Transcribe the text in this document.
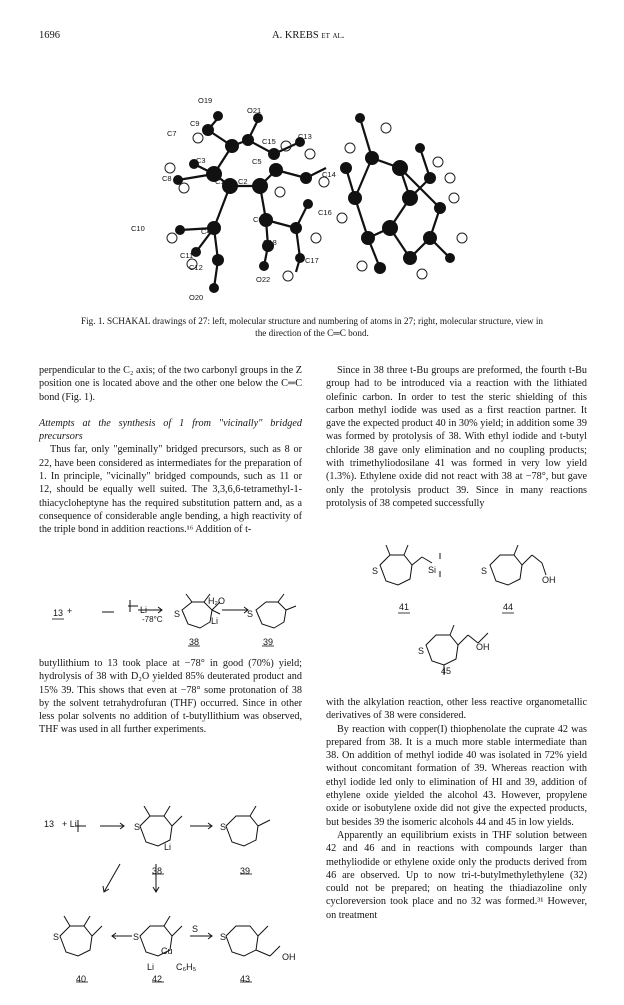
1696	A. KREBS et al.
O19
C9
O21
C7
C15
C13
C3	C5
C8	C1 C2
C14
C16
C10	C4
C6
C18
C11
C17
C12
O22
O20
Fig. 1. SCHAKAL drawings of 27: left, molecular structure and numbering of atoms in 27; right, molecular structure, view in the direction of the C═C bond.

perpendicular to the C₂ axis; of the two carbonyl groups in the Z position one is located above and the other one below the C═C bond (Fig. 1).

Attempts at the synthesis of 1 from "vicinally" bridged precursors

Thus far, only "geminally" bridged precursors, such as 8 or 22, have been considered as intermediates for the preparation of 1. In principle, "vicinally" bridged compounds, such as 11 or 12, should be equally well suited. The 3,3,6,6-tetramethyl-1-thiacycloheptyne has the required substitution pattern and, as a consequence of considerable angle bending, a high reactivity of the triple bond in addition reactions.¹⁶ Addition of t-

13 +	Li
-78°C
S
Li
H₂O
S
38	39

butyllithium to 13 took place at −78° in good (70%) yield; hydrolysis of 38 with D₂O yielded 85% deuterated product and 15% 39. This shows that even at −78° some protonation of 38 by the solvent tetrahydrofuran (THF) occurred. Since in other less polar solvents no addition of t-butyllithium was observed, THF was used in all further experiments.

13 + Li	S
Li
S
38	39
S	S
Cu
S
Li C₆H₅
S
OH
40	42	43

Since in 38 three t-Bu groups are preformed, the fourth t-Bu group had to be introduced via a reaction with the lithiated olefinic carbon. In order to test the steric shielding of this carbon methyl iodide was used as a first reaction partner. It gave the expected product 40 in 30% yield; in addition some 39 was formed by protolysis of 38. With ethyl iodide and t-butyl chloride 38 gave only elimination and no coupling products; with trimethyliodosilane 41 was formed in very low yield (1.3%). Ethylene oxide did not react with 38 at −78°, but gave only the protolysis product 39. Since in many reactions protolysis of 38 competed successfully

S	Si	S
OH
41	44
S	OH
45

with the alkylation reaction, other less reactive organometallic derivatives of 38 were considered.

By reaction with copper(I) thiophenolate the cuprate 42 was prepared from 38. It is a much more stable intermediate than 38. On addition of methyl iodide 40 was isolated in 72% yield without concomitant formation of 39. Whereas reaction with ethyl iodide led only to elimination of HI and 39, addition of ethylene oxide yielded the alcohol 43. However, propylene oxide or isobutylene oxide did not give the expected products, but besides 39 the isomeric alcohols 44 and 45 in low yields.

Apparently an equilibrium exists in THF solution between 42 and 46 and in reactions with compounds larger than methyliodide or ethylene oxide only the products derived from 46 are observed. Up to now tri-t-butylmethylethylene (32) could not be prepared; on heating the thiadiazoline only cycloreversion took place and no 32 was formed.³¹ However, on treatment
